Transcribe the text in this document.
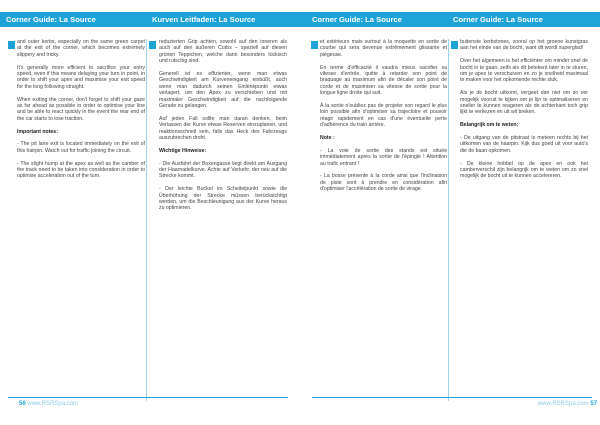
Corner Guide: La Source	Kurven Leitfaden: La Source	Corner Guide: La Source	Corner Guide: La Source

and outer kerbs, especially on the same green carpet at the exit of the corner, which becomes extremely slippery and tricky.

It's generally more efficient to sacrifice your entry speed, even if this means delaying your turn in point, in order to shift your apex and maximise your exit speed for the long following straight.

When exiting the corner, don't forget to shift your gaze as far ahead as possible in order to optimise your line and be able to react quickly in the event the rear end of the car starts to lose traction.

Important notes:

- The pit lane exit is located immediately on the exit of this hairpin. Watch out for traffic joining the circuit.

- The slight hump at the apex as well as the camber of the track need to be taken into consideration in order to optimise acceleration out of the turn.

reduzierten Grip achten, sowohl auf den inneren als auch auf den äußeren Curbs – speziell auf diesen grünen Teppichen, welche dann besonders tückisch und rutschig sind.

Generell ist es effizienter, wenn man etwas Geschwindigkeit am Kurveneingang einbüßt, auch wenn man dadurch seinen Einlenkpunkt etwas verlagert, um den Apex zu verschieben und mit maximaler Geschwindigkeit auf die nachfolgende Gerade zu gelangen.

Auf jeden Fall sollte man daran denken, beim Verlassen der Kurve etwas Reserven einzuplanen, und reaktionsschnell sein, falls das Heck des Fahrzeugs auszubrechen droht.

Wichtige Hinweise:

- Die Ausfahrt der Boxengasse liegt direkt am Ausgang der Haarnadelkurve. Achte auf Verkehr, der neu auf die Strecke kommt.

- Der leichte Buckel im Scheitelpunkt sowie die Überhöhung der Strecke müssen berücksichtigt werden, um die Beschleunigung aus der Kurve heraus zu optimieren.

et extérieurs mais surtout à la moquette en sortie de courbe qui sera devenue extrêmement glissante et piégeuse.

En terme d'efficacité il vaudra mieux sacrifier sa vitesse d'entrée, quitte à retarder son point de braquage au maximum afin de décaler son point de corde et de maximiser sa vitesse de sortie pour la longue ligne droite qui suit.

À la sortie n'oubliez pas de projeter son regard le plus loin possible afin d'optimiser sa trajectoire et pouvoir réagir rapidement en cas d'une éventuelle perte d'adhérence du train arrière.

Note :

- La voie de sortie des stands est située immédiatement après la sortie de l'épingle ! Attention au trafic entrant !

- La bosse présente à la corde ainsi que l'inclinaison de piste sont à prendre en considération afin d'optimiser l'accélération de sortie de virage.

buitenste kerbstones, vooral op het groene kunstgras aan het einde van de bocht, want dit wordt superglad!

Over het algemeen is het efficiënter om minder snel de bocht in te gaan, zelfs als dit betekent later in te sturen, om je apex te verschuiven en zo je snelheid maximaal te maken voor het opkomende rechte stuk.

Als je de bocht uitkomt, vergeet dan niet om zo ver mogelijk vooruit te kijken om je lijn te optimaliseren en sneller te kunnen reageren als de achterkant toch grip lijkt te verliezen en uit wil breken.

Belangrijk om te weten;

- De uitgang van de pitstraat is meteen rechts bij het uitkomen van de haarpin. Kijk dus goed uit voor auto's die de baan opkomen.

- De kleine hobbel op de apex en ook het camberverschil zijn belangrijk om te weten om zo snel mogelijk de bocht uit te kunnen accelereren.

56 www.RSRSpa.com	www.RSRSpa.com 57
